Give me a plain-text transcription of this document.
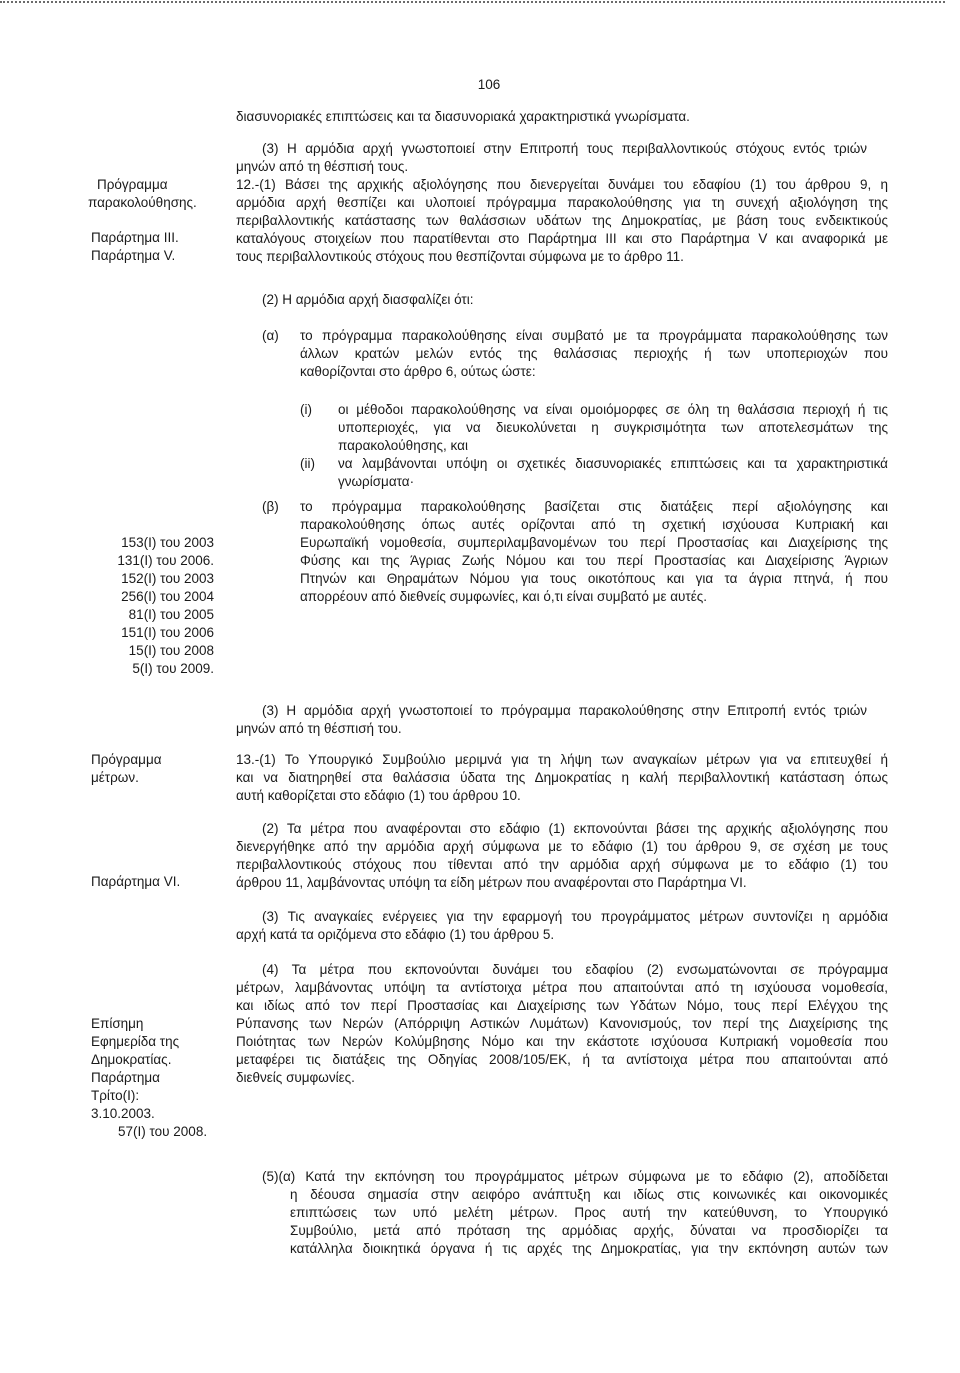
106
διασυνοριακές επιπτώσεις και τα διασυνοριακά χαρακτηριστικά γνωρίσματα.
(3) Η αρμόδια αρχή γνωστοποιεί στην Επιτροπή τους περιβαλλοντικούς στόχους εντός τριών
μηνών από τη θέσπισή τους.
Πρόγραμμα
παρακολούθησης.
12.-(1) Βάσει της αρχικής αξιολόγησης που διενεργείται δυνάμει του εδαφίου (1) του άρθρου 9, η
αρμόδια αρχή θεσπίζει και υλοποιεί πρόγραμμα παρακολούθησης για τη συνεχή αξιολόγηση της
περιβαλλοντικής κατάστασης των θαλάσσιων υδάτων της Δημοκρατίας, με βάση τους ενδεικτικούς
καταλόγους στοιχείων που παρατίθενται στο Παράρτημα III και στο Παράρτημα V και αναφορικά με
τους περιβαλλοντικούς στόχους που θεσπίζονται σύμφωνα με το άρθρο 11.
Παράρτημα III.
Παράρτημα V.
(2) Η αρμόδια αρχή διασφαλίζει ότι:
(α) το πρόγραμμα παρακολούθησης είναι συμβατό με τα προγράμματα παρακολούθησης των
άλλων κρατών μελών εντός της θαλάσσιας περιοχής ή των υποπεριοχών που
καθορίζονται στο άρθρο 6, ούτως ώστε:
(i) οι μέθοδοι παρακολούθησης να είναι ομοιόμορφες σε όλη τη θαλάσσια περιοχή ή τις
υποπεριοχές, για να διευκολύνεται η συγκρισιμότητα των αποτελεσμάτων της
παρακολούθησης, και
(ii) να λαμβάνονται υπόψη οι σχετικές διασυνοριακές επιπτώσεις και τα χαρακτηριστικά
γνωρίσματα·
(β) το πρόγραμμα παρακολούθησης βασίζεται στις διατάξεις περί αξιολόγησης και
παρακολούθησης όπως αυτές ορίζονται από τη σχετική ισχύουσα Κυπριακή και
Ευρωπαϊκή νομοθεσία, συμπεριλαμβανομένων του περί Προστασίας και Διαχείρισης της
Φύσης και της Άγριας Ζωής Νόμου και του περί Προστασίας και Διαχείρισης Άγριων
Πτηνών και Θηραμάτων Νόμου για τους οικοτόπους και για τα άγρια πτηνά, ή που
απορρέουν από διεθνείς συμφωνίες, και ό,τι είναι συμβατό με αυτές.
153(I) του 2003
131(I) του 2006.
152(I) του 2003
256(I) του 2004
81(I) του 2005
151(I) του 2006
15(I) του 2008
5(I) του 2009.
(3) Η αρμόδια αρχή γνωστοποιεί το πρόγραμμα παρακολούθησης στην Επιτροπή εντός τριών
μηνών από τη θέσπισή του.
Πρόγραμμα
μέτρων.
13.-(1) Το Υπουργικό Συμβούλιο μεριμνά για τη λήψη των αναγκαίων μέτρων για να επιτευχθεί ή
και να διατηρηθεί στα θαλάσσια ύδατα της Δημοκρατίας η καλή περιβαλλοντική κατάσταση όπως
αυτή καθορίζεται στο εδάφιο (1) του άρθρου 10.
(2) Τα μέτρα που αναφέρονται στο εδάφιο (1) εκπονούνται βάσει της αρχικής αξιολόγησης που
διενεργήθηκε από την αρμόδια αρχή σύμφωνα με το εδάφιο (1) του άρθρου 9, σε σχέση με τους
περιβαλλοντικούς στόχους που τίθενται από την αρμόδια αρχή σύμφωνα με το εδάφιο (1) του
άρθρου 11, λαμβάνοντας υπόψη τα είδη μέτρων που αναφέρονται στο Παράρτημα VI.
Παράρτημα VI.
(3) Τις αναγκαίες ενέργειες για την εφαρμογή του προγράμματος μέτρων συντονίζει η αρμόδια
αρχή κατά τα οριζόμενα στο εδάφιο (1) του άρθρου 5.
(4) Τα μέτρα που εκπονούνται δυνάμει του εδαφίου (2) ενσωματώνονται σε πρόγραμμα
μέτρων, λαμβάνοντας υπόψη τα αντίστοιχα μέτρα που απαιτούνται από τη ισχύουσα νομοθεσία,
και ιδίως από τον περί Προστασίας και Διαχείρισης των Υδάτων Νόμο, τους περί Ελέγχου της
Ρύπανσης των Νερών (Απόρριψη Αστικών Λυμάτων) Κανονισμούς, τον περί της Διαχείρισης της
Ποιότητας των Νερών Κολύμβησης Νόμο και την εκάστοτε ισχύουσα Κυπριακή νομοθεσία που
μεταφέρει τις διατάξεις της Οδηγίας 2008/105/ΕΚ, ή τα αντίστοιχα μέτρα που απαιτούνται από
διεθνείς συμφωνίες.
Επίσημη
Εφημερίδα της
Δημοκρατίας.
Παράρτημα
Τρίτο(I):
3.10.2003.
57(I) του 2008.
(5)(α) Κατά την εκπόνηση του προγράμματος μέτρων σύμφωνα με το εδάφιο (2), αποδίδεται
η δέουσα σημασία στην αειφόρο ανάπτυξη και ιδίως στις κοινωνικές και οικονομικές
επιπτώσεις των υπό μελέτη μέτρων. Προς αυτή την κατεύθυνση, το Υπουργικό
Συμβούλιο, μετά από πρόταση της αρμόδιας αρχής, δύναται να προσδιορίζει τα
κατάλληλα διοικητικά όργανα ή τις αρχές της Δημοκρατίας, για την εκπόνηση αυτών των
